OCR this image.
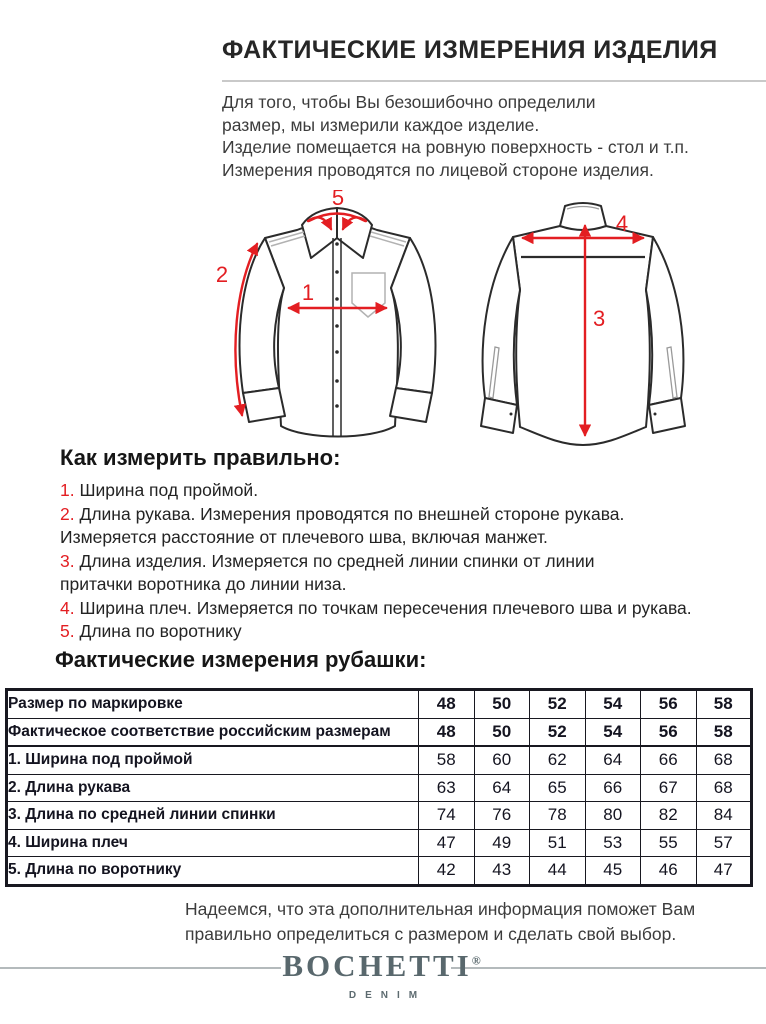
ФАКТИЧЕСКИЕ ИЗМЕРЕНИЯ ИЗДЕЛИЯ
Для того, чтобы Вы безошибочно определили
размер, мы измерили каждое изделие.
Изделие помещается на ровную поверхность - стол и т.п.
Измерения проводятся по лицевой стороне изделия.
1
2
5
4
3
Как измерить правильно:
1. Ширина под проймой.
2. Длина рукава. Измерения проводятся по внешней стороне рукава.
Измеряется расстояние от плечевого шва, включая манжет.
3. Длина изделия. Измеряется по средней линии спинки от линии
притачки воротника до линии низа.
4. Ширина плеч. Измеряется по точкам пересечения плечевого шва и рукава.
5. Длина по воротнику
Фактические измерения рубашки:
Размер по маркировке	48	50	52	54	56	58
Фактическое соответствие российским размерам	48	50	52	54	56	58
1. Ширина под проймой	58	60	62	64	66	68
2. Длина рукава	63	64	65	66	67	68
3. Длина по средней линии спинки	74	76	78	80	82	84
4. Ширина плеч	47	49	51	53	55	57
5. Длина по воротнику	42	43	44	45	46	47
Надеемся, что эта дополнительная информация поможет Вам
правильно определиться с размером и сделать свой выбор.
BOCHETTI®
DENIM
